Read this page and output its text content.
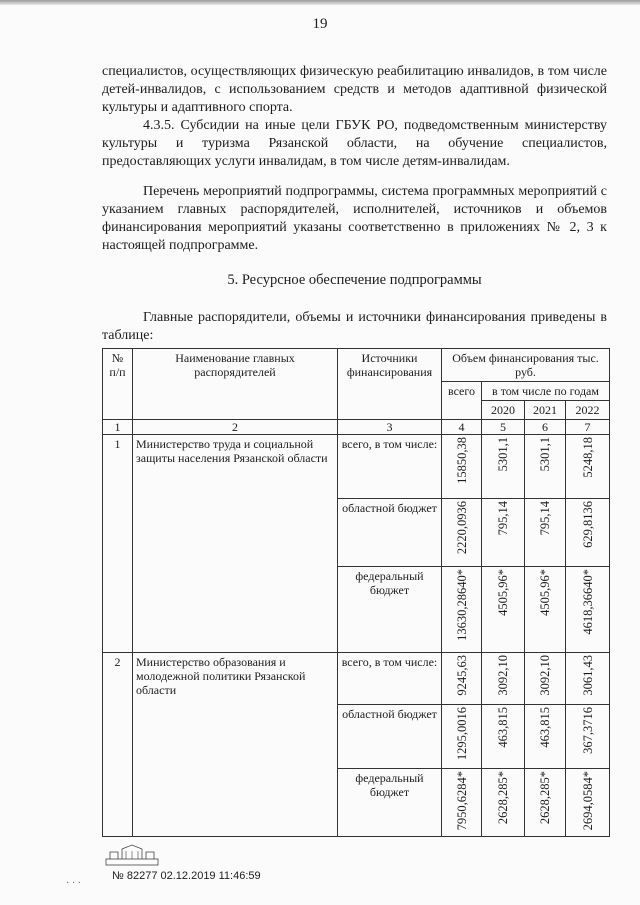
19

специалистов, осуществляющих физическую реабилитацию инвалидов, в том числе детей-инвалидов, с использованием средств и методов адаптивной физической культуры и адаптивного спорта.

4.3.5. Субсидии на иные цели ГБУК РО, подведомственным министерству культуры и туризма Рязанской области, на обучение специалистов, предоставляющих услуги инвалидам, в том числе детям-инвалидам.

Перечень мероприятий подпрограммы, система программных мероприятий с указанием главных распорядителей, исполнителей, источников и объемов финансирования мероприятий указаны соответственно в приложениях № 2, 3 к настоящей подпрограмме.

5. Ресурсное обеспечение подпрограммы

Главные распорядители, объемы и источники финансирования приведены в таблице:

№ п/п	Наименование главных распорядителей	Источники финансирования	Объем финансирования тыс. руб.			
			всего	в том числе по годам		
				2020	2021	2022
1	2	3	4	5	6	7
1	Министерство труда и социальной защиты населения Рязанской области	всего, в том числе:	15850,38	5301,1	5301,1	5248,18

		областной бюджет	2220,0936	795,14	795,14	629,8136

		федеральный бюджет	13630,28640*	4505,96*	4505,96*	4618,36640*

2	Министерство образования и молодежной политики Рязанской области	всего, в том числе:	9245,63	3092,10	3092,10	3061,43

		областной бюджет	1295,0016	463,815	463,815	367,3716

		федеральный бюджет	7950,6284*	2628,285*	2628,285*	2694,0584*
· · ·
№ 82277 02.12.2019 11:46:59
